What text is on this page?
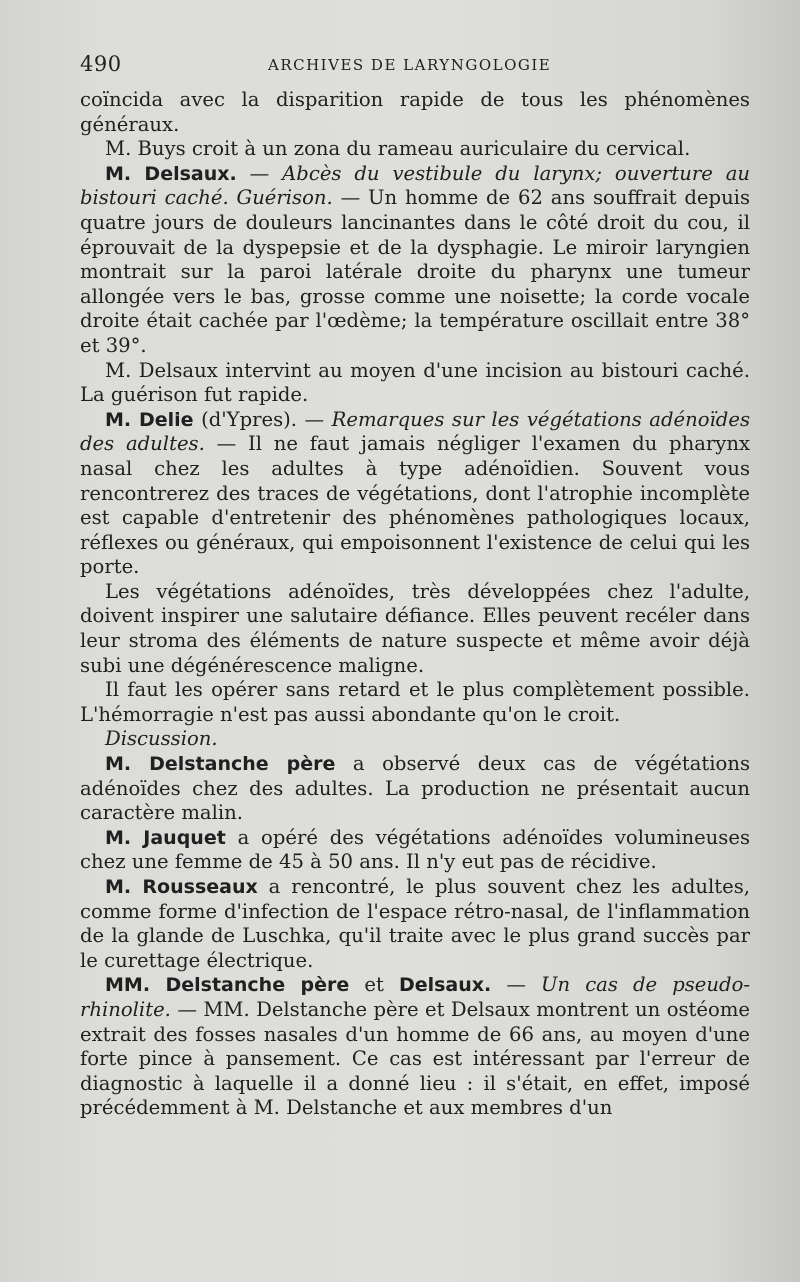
490	ARCHIVES DE LARYNGOLOGIE

coïncida avec la disparition rapide de tous les phénomènes généraux.

M. Buys croit à un zona du rameau auriculaire du cervical.

M. Delsaux. — Abcès du vestibule du larynx; ouverture au bistouri caché. Guérison. — Un homme de 62 ans souffrait depuis quatre jours de douleurs lancinantes dans le côté droit du cou, il éprouvait de la dyspepsie et de la dysphagie. Le miroir laryngien montrait sur la paroi latérale droite du pharynx une tumeur allongée vers le bas, grosse comme une noisette; la corde vocale droite était cachée par l'œdème; la température oscillait entre 38° et 39°.

M. Delsaux intervint au moyen d'une incision au bistouri caché. La guérison fut rapide.

M. Delie (d'Ypres). — Remarques sur les végétations adénoïdes des adultes. — Il ne faut jamais négliger l'examen du pharynx nasal chez les adultes à type adénoïdien. Souvent vous rencontrerez des traces de végétations, dont l'atrophie incomplète est capable d'entretenir des phénomènes pathologiques locaux, réflexes ou généraux, qui empoisonnent l'existence de celui qui les porte.

Les végétations adénoïdes, très développées chez l'adulte, doivent inspirer une salutaire défiance. Elles peuvent recéler dans leur stroma des éléments de nature suspecte et même avoir déjà subi une dégénérescence maligne.

Il faut les opérer sans retard et le plus complètement possible. L'hémorragie n'est pas aussi abondante qu'on le croit.

Discussion.

M. Delstanche père a observé deux cas de végétations adénoïdes chez des adultes. La production ne présentait aucun caractère malin.

M. Jauquet a opéré des végétations adénoïdes volumineuses chez une femme de 45 à 50 ans. Il n'y eut pas de récidive.

M. Rousseaux a rencontré, le plus souvent chez les adultes, comme forme d'infection de l'espace rétro-nasal, de l'inflammation de la glande de Luschka, qu'il traite avec le plus grand succès par le curettage électrique.

MM. Delstanche père et Delsaux. — Un cas de pseudo-rhinolite. — MM. Delstanche père et Delsaux montrent un ostéome extrait des fosses nasales d'un homme de 66 ans, au moyen d'une forte pince à pansement. Ce cas est intéressant par l'erreur de diagnostic à laquelle il a donné lieu : il s'était, en effet, imposé précédemment à M. Delstanche et aux membres d'un
